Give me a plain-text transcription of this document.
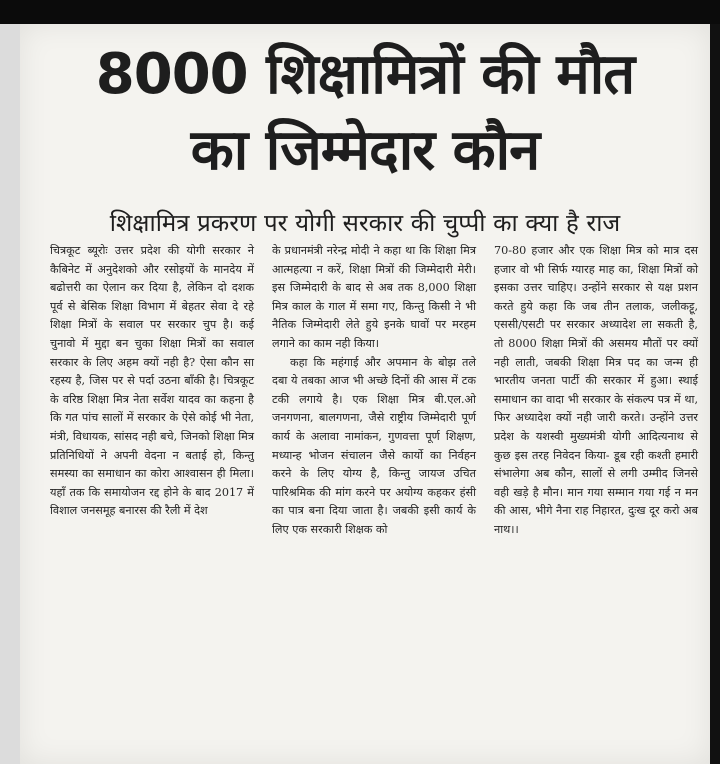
8000 शिक्षामित्रों की मौत
का जिम्मेदार कौन
शिक्षामित्र प्रकरण पर योगी सरकार की चुप्पी का क्या है राज

चित्रकूट ब्यूरोः उत्तर प्रदेश की योगी सरकार ने कैबिनेट में अनुदेशको और रसोइयों के मानदेय में बढोत्तरी का ऐलान कर दिया है, लेकिन दो दशक पूर्व से बेसिक शिक्षा विभाग में बेहतर सेवा दे रहे शिक्षा मित्रों के सवाल पर सरकार चुप है। कई चुनावो में मुद्दा बन चुका शिक्षा मित्रों का सवाल सरकार के लिए अहम क्यों नही है? ऐसा कौन सा रहस्य है, जिस पर से पर्दा उठना बाँकी है। चित्रकूट के वरिष्ठ शिक्षा मित्र नेता सर्वेश यादव का कहना है कि गत पांच सालों में सरकार के ऐसे कोई भी नेता, मंत्री, विधायक, सांसद नही बचे, जिनको शिक्षा मित्र प्रतिनिधियों ने अपनी वेदना न बताई हो, किन्तु समस्या का समाधान का कोरा आश्वासन ही मिला। यहाँ तक कि समायोजन रद्द होने के बाद 2017 में विशाल जनसमूह बनारस की रैली में देश

के प्रधानमंत्री नरेन्द्र मोदी ने कहा था कि शिक्षा मित्र आत्महत्या न करें, शिक्षा मित्रों की जिम्मेदारी मेरी। इस जिम्मेदारी के बाद से अब तक 8,000 शिक्षा मित्र काल के गाल में समा गए, किन्तु किसी ने भी नैतिक जिम्मेदारी लेते हुये इनके घावों पर मरहम लगाने का काम नही किया।

कहा कि महंगाई और अपमान के बोझ तले दबा ये तबका आज भी अच्छे दिनों की आस में टक टकी लगाये है। एक शिक्षा मित्र बी.एल.ओ जनगणना, बालगणना, जैसे राष्ट्रीय जिम्मेदारी पूर्ण कार्य के अलावा नामांकन, गुणवत्ता पूर्ण शिक्षण, मध्यान्ह भोजन संचालन जैसे कार्यो का निर्वहन करने के लिए योग्य है, किन्तु जायज उचित पारिश्रमिक की मांग करने पर अयोग्य कहकर हंसी का पात्र बना दिया जाता है। जबकी इसी कार्य के लिए एक सरकारी शिक्षक को

70-80 हजार और एक शिक्षा मित्र को मात्र दस हजार वो भी सिर्फ ग्यारह माह का, शिक्षा मित्रों को इसका उत्तर चाहिए। उन्होंने सरकार से यक्ष प्रशन करते हुये कहा कि जब तीन तलाक, जलीकट्टू, एससी/एसटी पर सरकार अध्यादेश ला सकती है, तो 8000 शिक्षा मित्रों की असमय मौतों पर क्यों नही लाती, जबकी शिक्षा मित्र पद का जन्म ही भारतीय जनता पार्टी की सरकार में हुआ। स्थाई समाधान का वादा भी सरकार के संकल्प पत्र में था, फिर अध्यादेश क्यों नही जारी करते। उन्होंने उत्तर प्रदेश के यशस्वी मुख्यमंत्री योगी आदित्यनाथ से कुछ इस तरह निवेदन किया- डूब रही कश्ती हमारी संभालेगा अब कौन, सालों से लगी उम्मीद जिनसे वही खड़े है मौन। मान गया सम्मान गया गई न मन की आस, भीगे नैना राह निहारत, दुःख दूर करो अब नाथ।।
